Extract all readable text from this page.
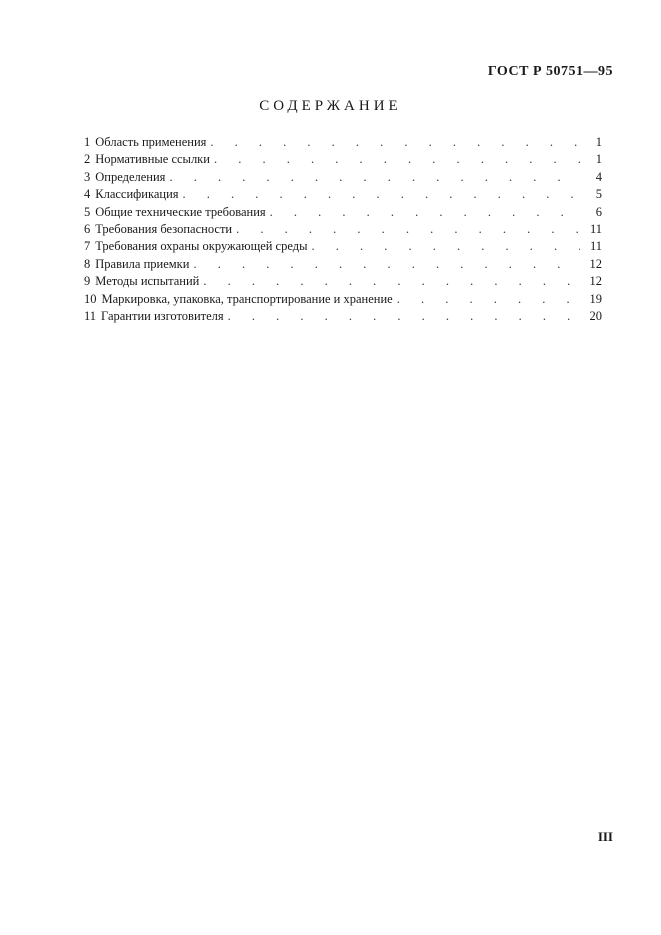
ГОСТ Р 50751—95
СОДЕРЖАНИЕ
1 Область применения . . .	1
2 Нормативные ссылки . . .	1
3 Определения . . .	4
4 Классификация . . .	5
5 Общие технические требования . . .	6
6 Требования безопасности . . .	11
7 Требования охраны окружающей среды . . .	11
8 Правила приемки . . .	12
9 Методы испытаний . . .	12
10 Маркировка, упаковка, транспортирование и хранение . . .	19
11 Гарантии изготовителя . . .	20
III
